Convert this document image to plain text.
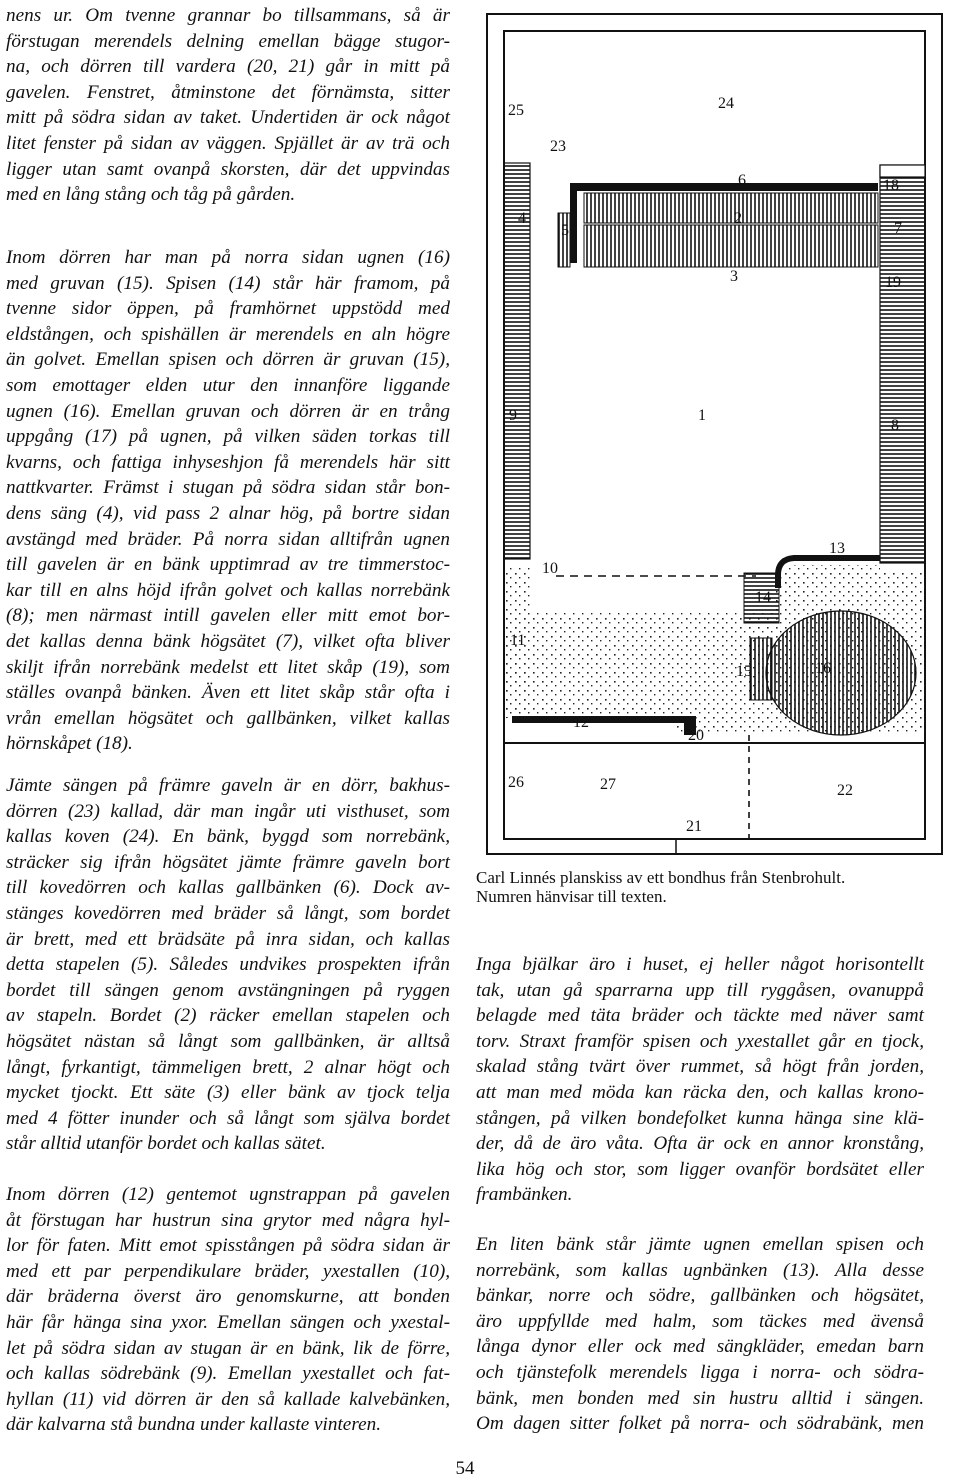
nens ur. Om tvenne grannar bo tillsammans, så är
förstugan merendels delning emellan bägge stugor-
na, och dörren till vardera (20, 21) går in mitt på
gavelen. Fenstret, åtminstone det förnämsta, sitter
mitt på södra sidan av taket. Undertiden är ock något
litet fenster på sidan av väggen. Spjället är av trä och
ligger utan samt ovanpå skorsten, där det uppvindas
med en lång stång och tåg på gården.

Inom dörren har man på norra sidan ugnen (16)
med gruvan (15). Spisen (14) står här framom, på
tvenne sidor öppen, på framhörnet uppstödd med
eldstången, och spishällen är merendels en aln högre
än golvet. Emellan spisen och dörren är gruvan (15),
som emottager elden utur den innanföre liggande
ugnen (16). Emellan gruvan och dörren är en trång
uppgång (17) på ugnen, på vilken säden torkas till
kvarns, och fattiga inhyseshjon få merendels här sitt
nattkvarter. Främst i stugan på södra sidan står bon-
dens säng (4), vid pass 2 alnar hög, på bortre sidan
avstängd med bräder. På norra sidan alltifrån ugnen
till gavelen är en bänk upptimrad av tre timmerstoc-
kar till en alns höjd ifrån golvet och kallas norrebänk
(8); men närmast intill gavelen eller mitt emot bor-
det kallas denna bänk högsätet (7), vilket ofta bliver
skiljt ifrån norrebänk medelst ett litet skåp (19), som
ställes ovanpå bänken. Även ett litet skåp står ofta i
vrån emellan högsätet och gallbänken, vilket kallas
hörnskåpet (18).

Jämte sängen på främre gaveln är en dörr, bakhus-
dörren (23) kallad, där man ingår uti visthuset, som
kallas koven (24). En bänk, byggd som norrebänk,
sträcker sig ifrån högsätet jämte främre gaveln bort
till kovedörren och kallas gallbänken (6). Dock av-
stänges kovedörren med bräder så långt, som bordet
är brett, med ett brädsäte på inra sidan, och kallas
detta stapelen (5). Således undvikes prospekten ifrån
bordet till sängen genom avstängningen på ryggen
av stapeln. Bordet (2) räcker emellan stapelen och
högsätet nästan så långt som gallbänken, är alltså
långt, fyrkantigt, tämmeligen brett, 2 alnar högt och
mycket tjockt. Ett säte (3) eller bänk av tjock telja
med 4 fötter inunder och så långt som själva bordet
står alltid utanför bordet och kallas sätet.

Inom dörren (12) gentemot ugnstrappan på gavelen
åt förstugan har hustrun sina grytor med några hyl-
lor för faten. Mitt emot spisstången på södra sidan är
med ett par perpendikulare bräder, yxestallen (10),
där bräderna överst äro genomskurne, att bonden
här får hänga sina yxor. Emellan sängen och yxestal-
let på södra sidan av stugan är en bänk, lik de förre,
och kallas södrebänk (9). Emellan yxestallet och fat-
hyllan (11) vid dörren är den så kallade kalvebänken,
där kalvarna stå bundna under kallaste vinteren.

24
25
23
6	18
4	2
7
5
3	19
9	1
8
13
10
14
11
15	16
12
20
26	27	22
21
Carl Linnés planskiss av ett bondhus från Stenbrohult.
Numren hänvisar till texten.

Inga bjälkar äro i huset, ej heller något horisontellt
tak, utan gå sparrarna upp till ryggåsen, ovanuppå
belagde med täta bräder och täckte med näver samt
torv. Straxt framför spisen och yxestallet går en tjock,
skalad stång tvärt över rummet, så högt från jorden,
att man med möda kan räcka den, och kallas krono-
stången, på vilken bondefolket kunna hänga sine klä-
der, då de äro våta. Ofta är ock en annor kronstång,
lika hög och stor, som ligger ovanför bordsätet eller
frambänken.

En liten bänk står jämte ugnen emellan spisen och
norrebänk, som kallas ugnbänken (13). Alla desse
bänkar, norre och södre, gallbänken och högsätet,
äro uppfyllde med halm, som täckes med ävenså
långa dynor eller ock med sängkläder, emedan barn
och tjänstefolk merendels ligga i norra- och södra-
bänk, men bonden med sin hustru alltid i sängen.
Om dagen sitter folket på norra- och södrabänk, men

54
